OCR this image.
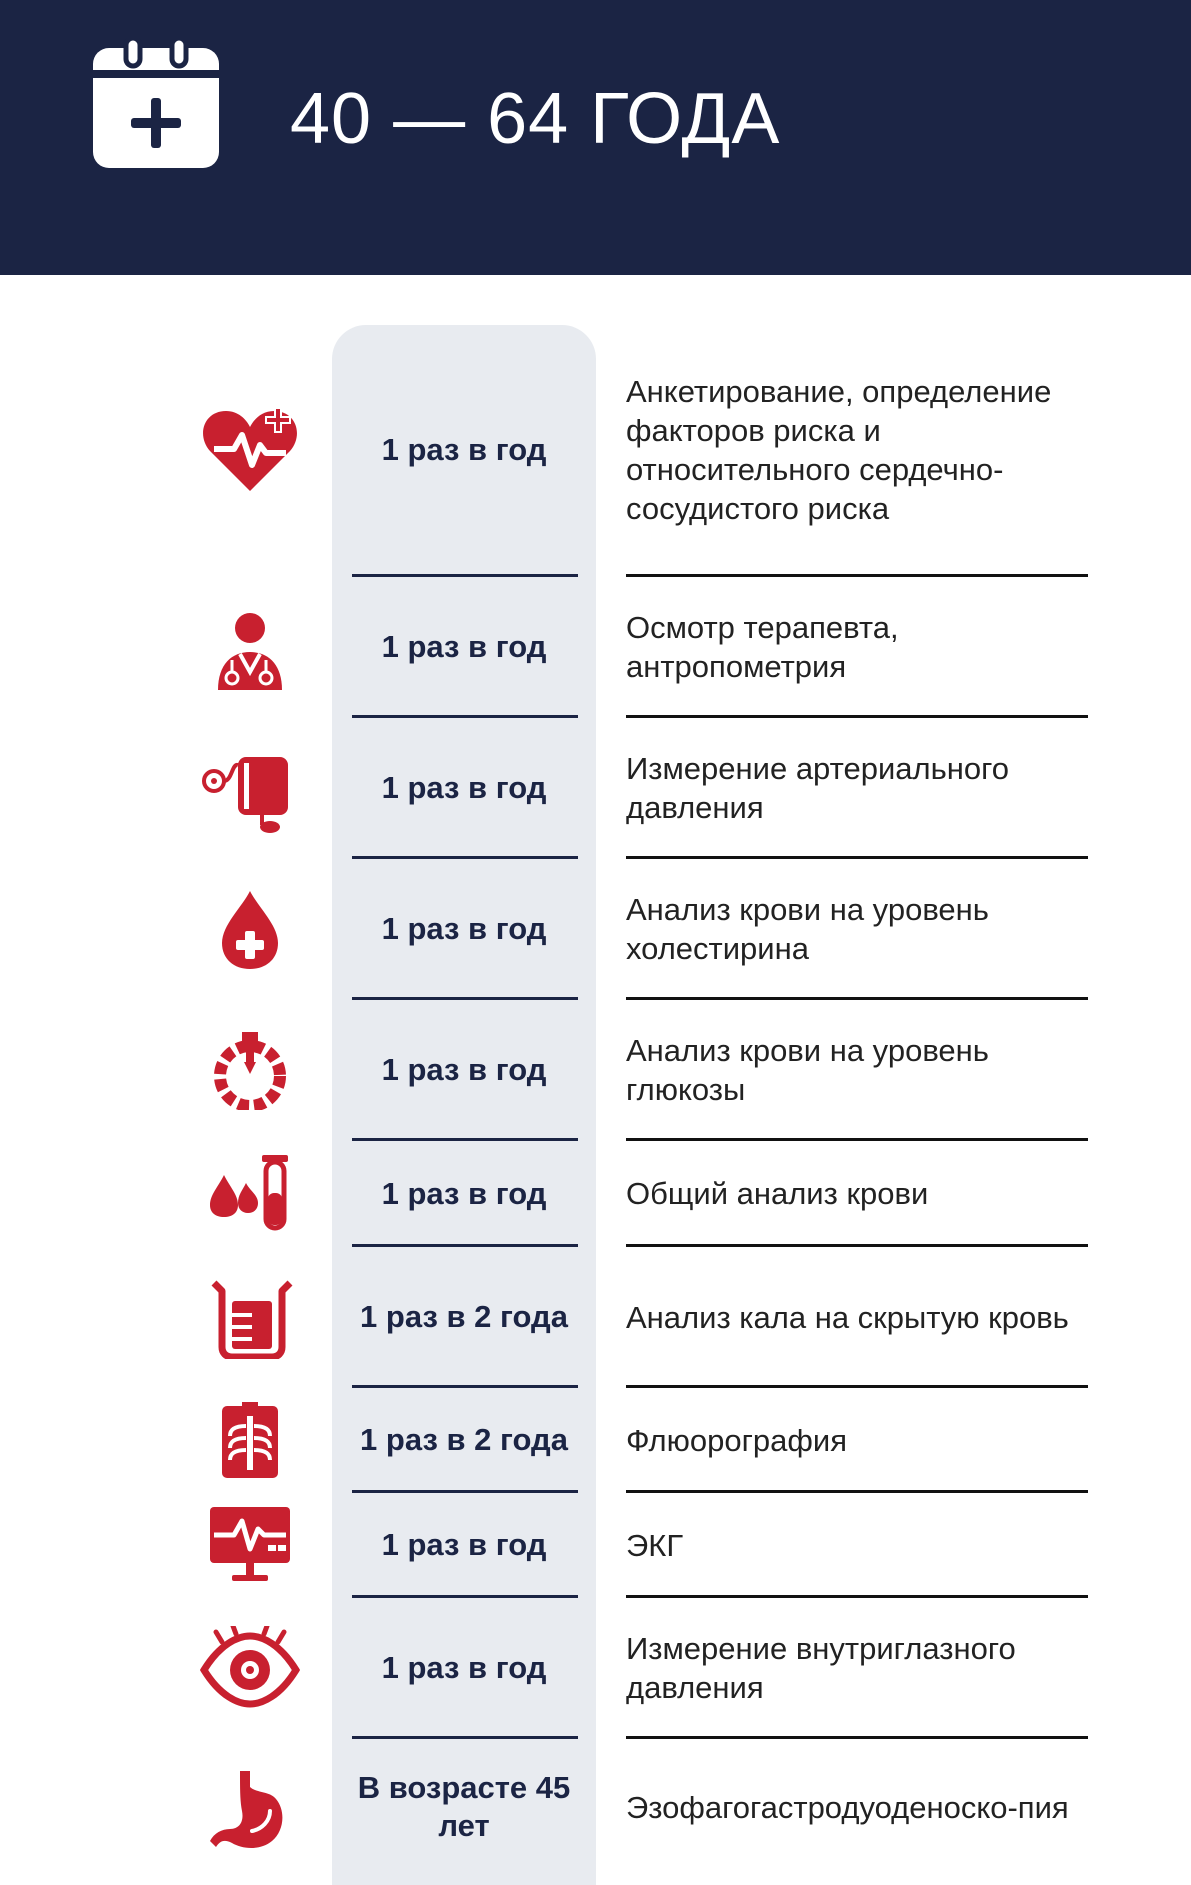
40 — 64 ГОДА
1 раз в год
Анкетирование, определение факторов риска и относительного сердечно-сосудистого риска
1 раз в год
Осмотр терапевта, антропометрия
1 раз в год
Измерение артериального давления
1 раз в год
Анализ крови на уровень холестирина
1 раз в год
Анализ крови на уровень глюкозы
1 раз в год	Общий анализ крови
1 раз в 2 года Анализ кала на скрытую кровь
1 раз в 2 года Флюорография
1 раз в год	ЭКГ
1 раз в год
Измерение внутриглазного давления
В возрасте 45 лет
Эзофагогастродуоденоско-пия
